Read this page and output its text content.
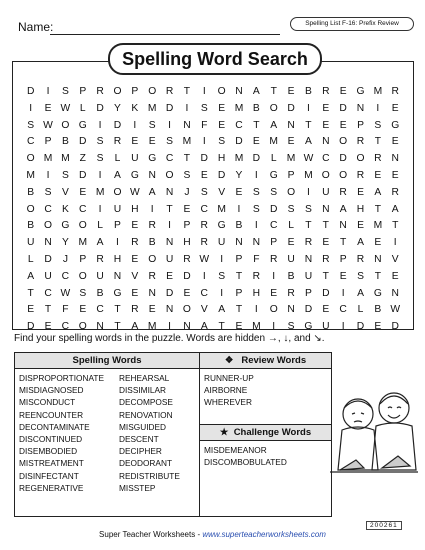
Name:	Spelling List F-16: Prefix Review
Spelling Word Search
D	I	S	P R O P O R	T	I	O N A	T	E	B R E G M R
I	E W L	D Y	K M D	I	S	E M B O D	I	E D N	I	E
S W O G	I	D	I	S	I	N	F	E C	T	A N	T	E	E	P	S G
C P	B D S R E	E	S M	I	S D E M E	A N O R	T	E
O M M Z	S	L	U G C	T	D H M D	L M W C D O R N
M	I	S D	I	A G N O S	E D Y	I	G P M O O R E	E
B	S	V	E M O W A N	J	S	V	E	S	S O	I	U R E	A R
O C K C	I	U H	I	T	E C M	I	S D S	S N A H	T	A
B O G O	L	P	E R	I	P R G B	I	C	L	T	T	N E M T
U N Y M A	I	R B N H R U N N P	E R E	T	A	E	I
L	D	J	P R H E O U R W	I	P	F	R U N R P R N V
A U C O U N V R E D	I	S	T	R	I	B U	T	E	S	T	E
T	C W S	B G E N D E C	I	P H E R P D	I	A G N
E	T	F	E C	T	R E N O V	A	T	I	O N D E C	L	B W
D E C O N	T	A M	I	N A	T	E M	I	S G U	I	D E D
Find your spelling words in the puzzle. Words are hidden →, ↓, and ↘.
Spelling Words
DISPROPORTIONATE
MISDIAGNOSED
MISCONDUCT
REENCOUNTER
DECONTAMINATE
DISCONTINUED
DISEMBODIED
MISTREATMENT
DISINFECTANT
REGENERATIVE
REHEARSAL
DISSIMILAR
DECOMPOSE
RENOVATION
MISGUIDED
DESCENT
DECIPHER
DEODORANT
REDISTRIBUTE
MISSTEP
❖ Review Words
RUNNER-UP
AIRBORNE
WHEREVER
★ Challenge Words
MISDEMEANOR
DISCOMBOBULATED
Super Teacher Worksheets - www.superteacherworksheets.com
200261
